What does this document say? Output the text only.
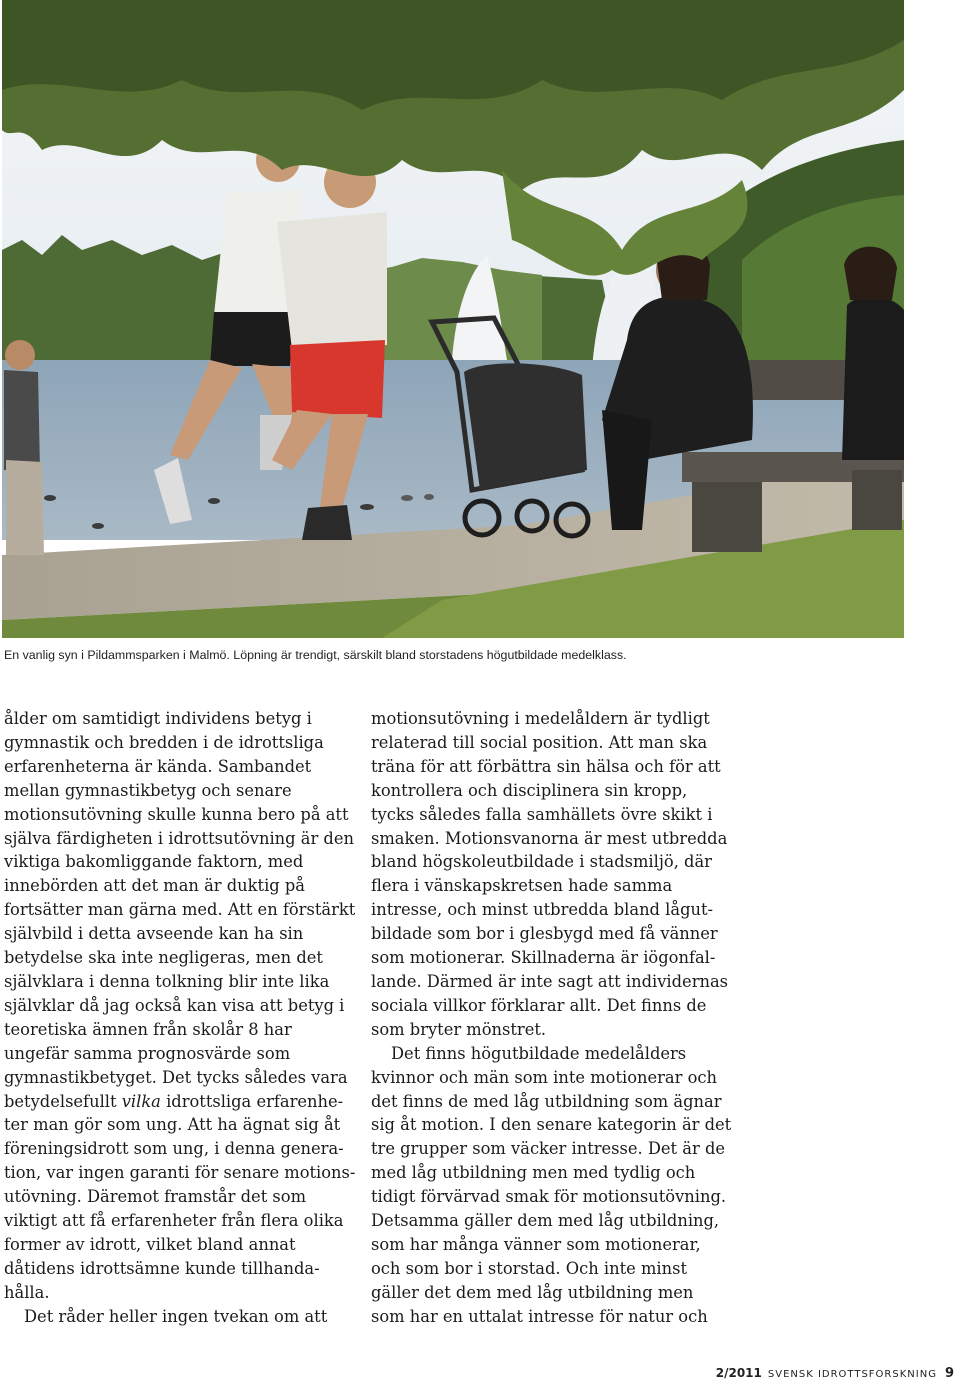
En vanlig syn i Pildammsparken i Malmö. Löpning är trendigt, särskilt bland storstadens högutbildade medelklass.
ålder om samtidigt individens betyg i
gymnastik och bredden i de idrottsliga
erfarenheterna är kända. Sambandet
mellan gymnastikbetyg och senare
motionsutövning skulle kunna bero på att
själva färdigheten i idrottsutövning är den
viktiga bakomliggande faktorn, med
innebörden att det man är duktig på
fortsätter man gärna med. Att en förstärkt
självbild i detta avseende kan ha sin
betydelse ska inte negligeras, men det
självklara i denna tolkning blir inte lika
självklar då jag också kan visa att betyg i
teoretiska ämnen från skolår 8 har
ungefär samma prognosvärde som
gymnastikbetyget. Det tycks således vara
betydelsefullt vilka idrottsliga erfarenhe-
ter man gör som ung. Att ha ägnat sig åt
föreningsidrott som ung, i denna genera-
tion, var ingen garanti för senare motions-
utövning. Däremot framstår det som
viktigt att få erfarenheter från flera olika
former av idrott, vilket bland annat
dåtidens idrottsämne kunde tillhanda-
hålla.
Det råder heller ingen tvekan om att
motionsutövning i medelåldern är tydligt
relaterad till social position. Att man ska
träna för att förbättra sin hälsa och för att
kontrollera och disciplinera sin kropp,
tycks således falla samhällets övre skikt i
smaken. Motionsvanorna är mest utbredda
bland högskoleutbildade i stadsmiljö, där
flera i vänskapskretsen hade samma
intresse, och minst utbredda bland lågut-
bildade som bor i glesbygd med få vänner
som motionerar. Skillnaderna är iögonfal-
lande. Därmed är inte sagt att individernas
sociala villkor förklarar allt. Det finns de
som bryter mönstret.
Det finns högutbildade medelålders
kvinnor och män som inte motionerar och
det finns de med låg utbildning som ägnar
sig åt motion. I den senare kategorin är det
tre grupper som väcker intresse. Det är de
med låg utbildning men med tydlig och
tidigt förvärvad smak för motionsutövning.
Detsamma gäller dem med låg utbildning,
som har många vänner som motionerar,
och som bor i storstad. Och inte minst
gäller det dem med låg utbildning men
som har en uttalat intresse för natur och
2/2011 SVENSK IDROTTSFORSKNING 9
